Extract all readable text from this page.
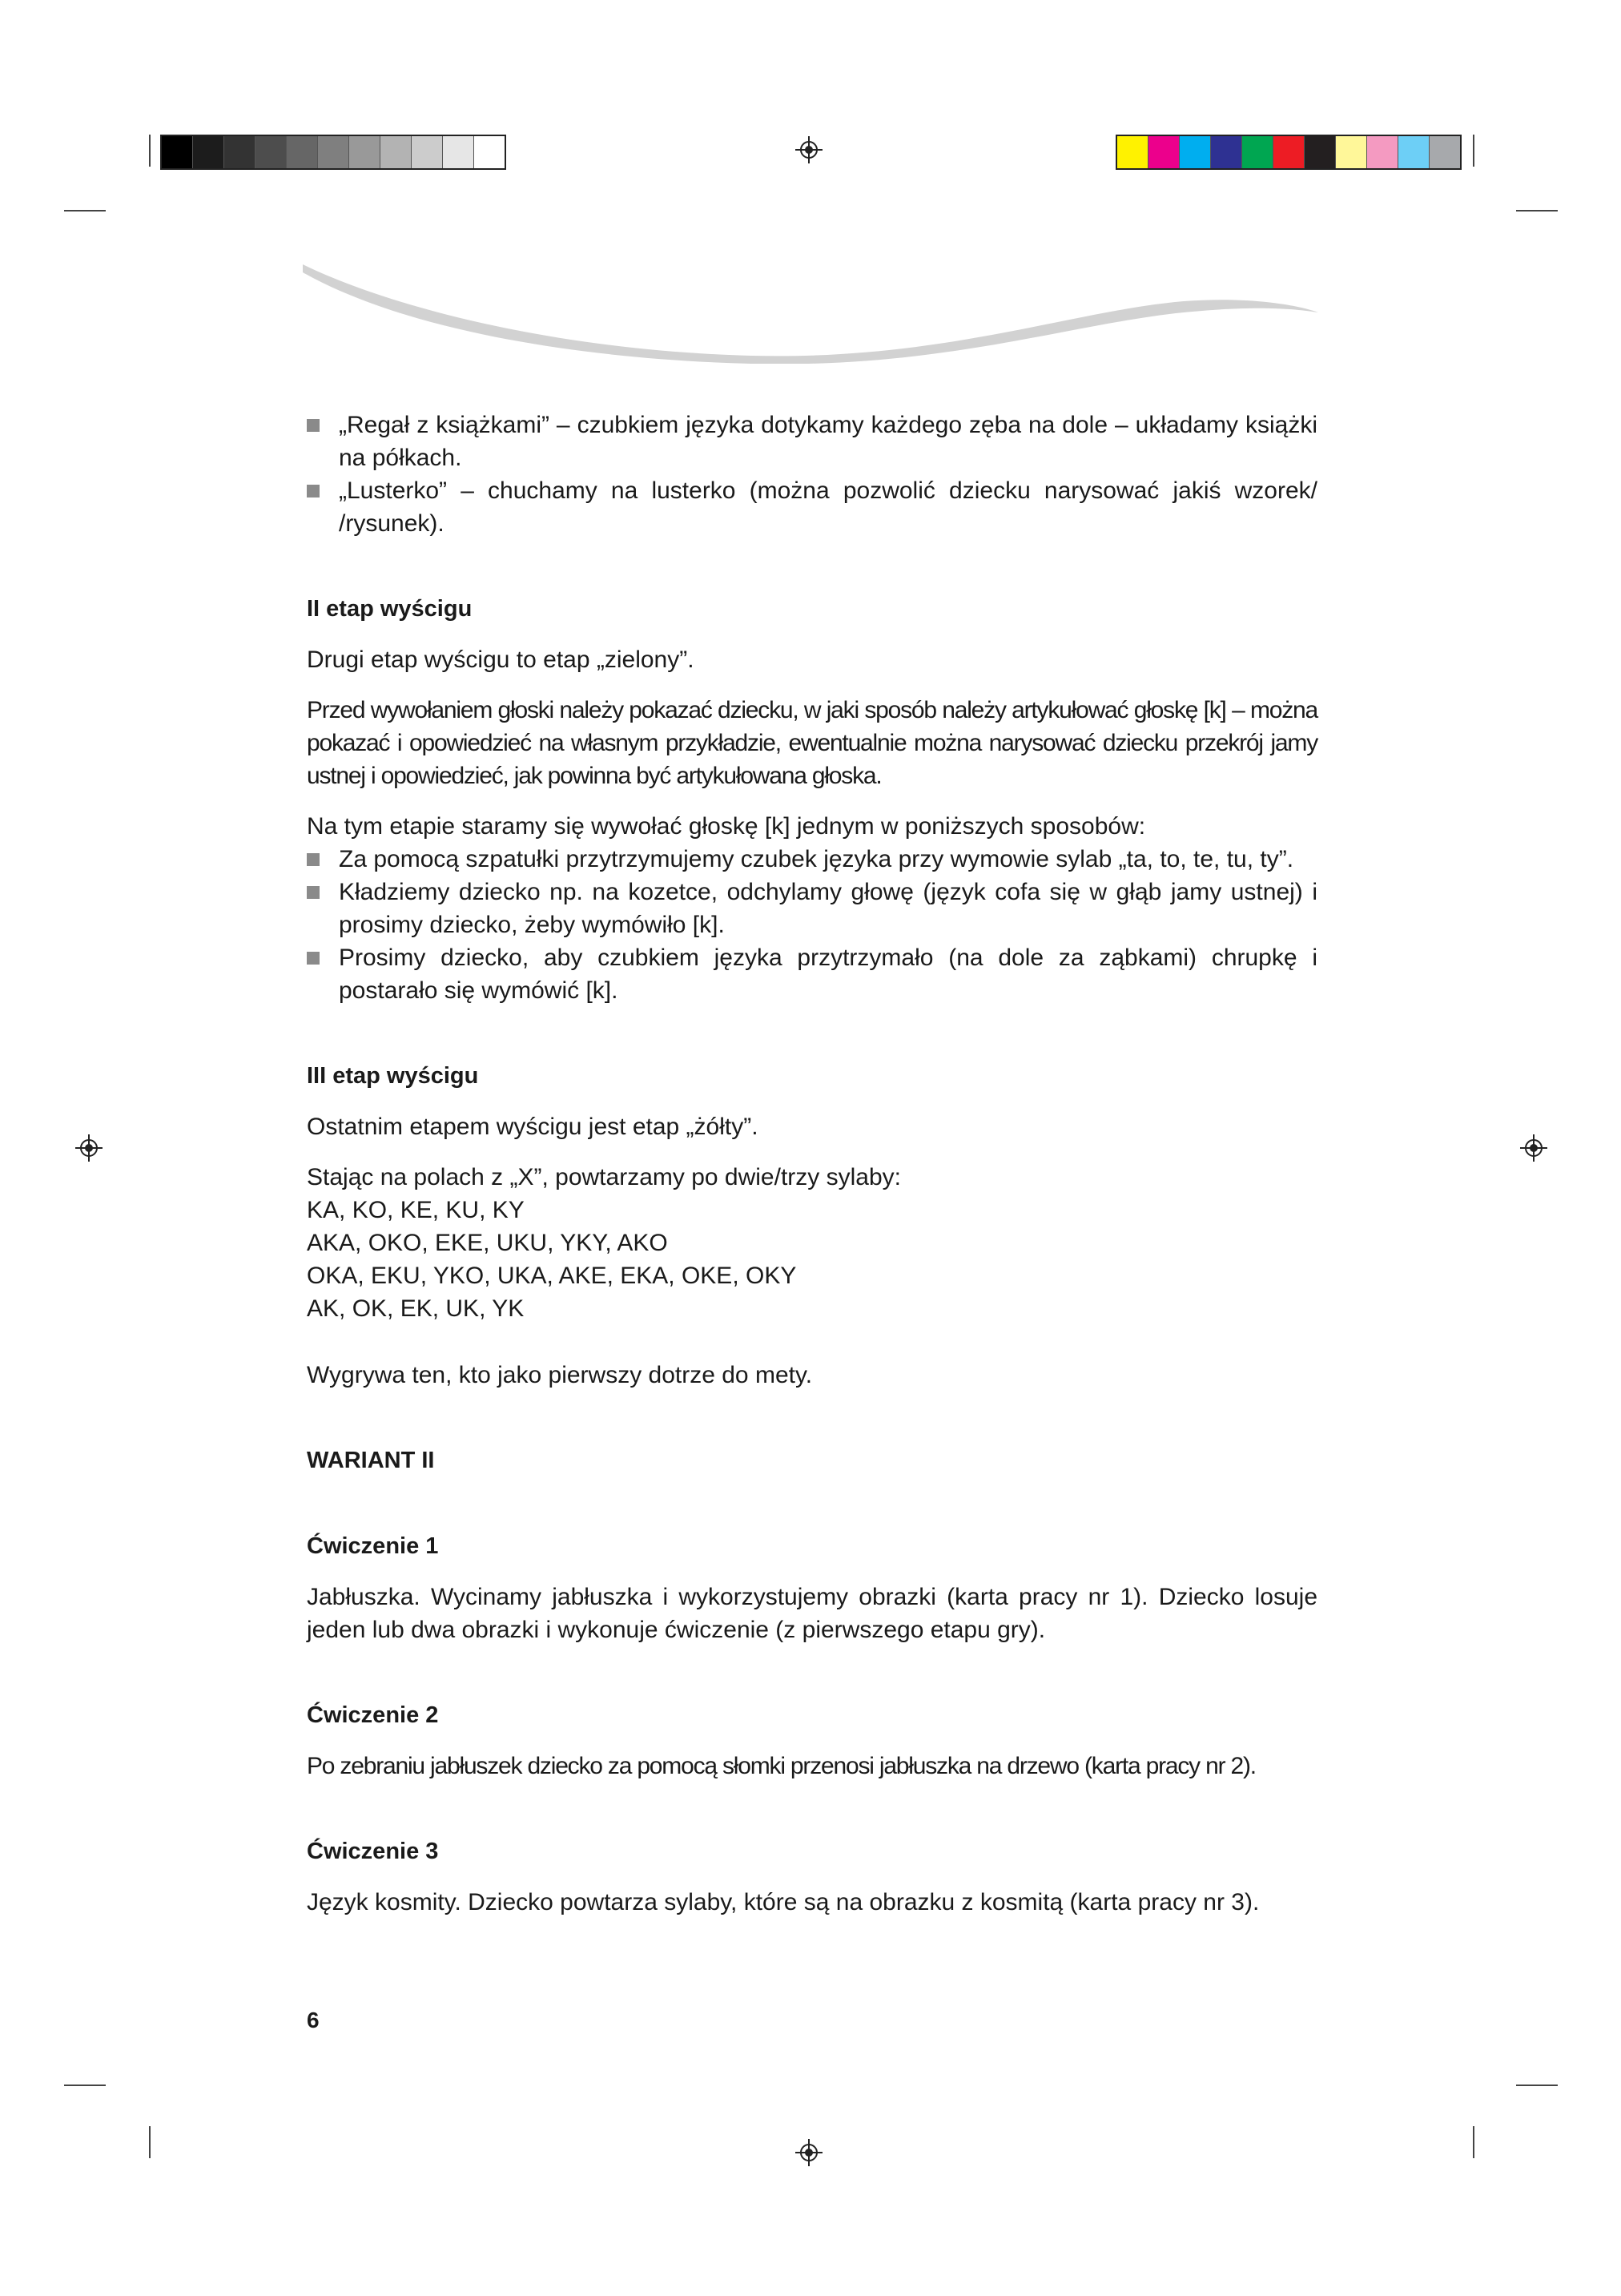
„Regał z książkami” – czubkiem języka dotykamy każdego zęba na dole – układamy książki na półkach.

„Lusterko” – chuchamy na lusterko (można pozwolić dziecku narysować jakiś wzorek/ /rysunek).

II etap wyścigu

Drugi etap wyścigu to etap „zielony”.

Przed wywołaniem głoski należy pokazać dziecku, w jaki sposób należy artykułować głoskę [k] – można pokazać i opowiedzieć na własnym przykładzie, ewentualnie można narysować dziecku przekrój jamy ustnej i opowiedzieć, jak powinna być artykułowana głoska.

Na tym etapie staramy się wywołać głoskę [k] jednym w poniższych sposobów:

Za pomocą szpatułki przytrzymujemy czubek języka przy wymowie sylab „ta, to, te, tu, ty”.

Kładziemy dziecko np. na kozetce, odchylamy głowę (język cofa się w głąb jamy ustnej) i prosimy dziecko, żeby wymówiło [k].

Prosimy dziecko, aby czubkiem języka przytrzymało (na dole za ząbkami) chrupkę i postarało się wymówić [k].

III etap wyścigu

Ostatnim etapem wyścigu jest etap „żółty”.

Stając na polach z „X”, powtarzamy po dwie/trzy sylaby:

KA, KO, KE, KU, KY

AKA, OKO, EKE, UKU, YKY, AKO

OKA, EKU, YKO, UKA, AKE, EKA, OKE, OKY

AK, OK, EK, UK, YK

Wygrywa ten, kto jako pierwszy dotrze do mety.

WARIANT II

Ćwiczenie 1

Jabłuszka. Wycinamy jabłuszka i wykorzystujemy obrazki (karta pracy nr 1). Dziecko losuje jeden lub dwa obrazki i wykonuje ćwiczenie (z pierwszego etapu gry).

Ćwiczenie 2

Po zebraniu jabłuszek dziecko za pomocą słomki przenosi jabłuszka na drzewo (karta pracy nr 2).

Ćwiczenie 3

Język kosmity. Dziecko powtarza sylaby, które są na obrazku z kosmitą (karta pracy nr 3).

6
